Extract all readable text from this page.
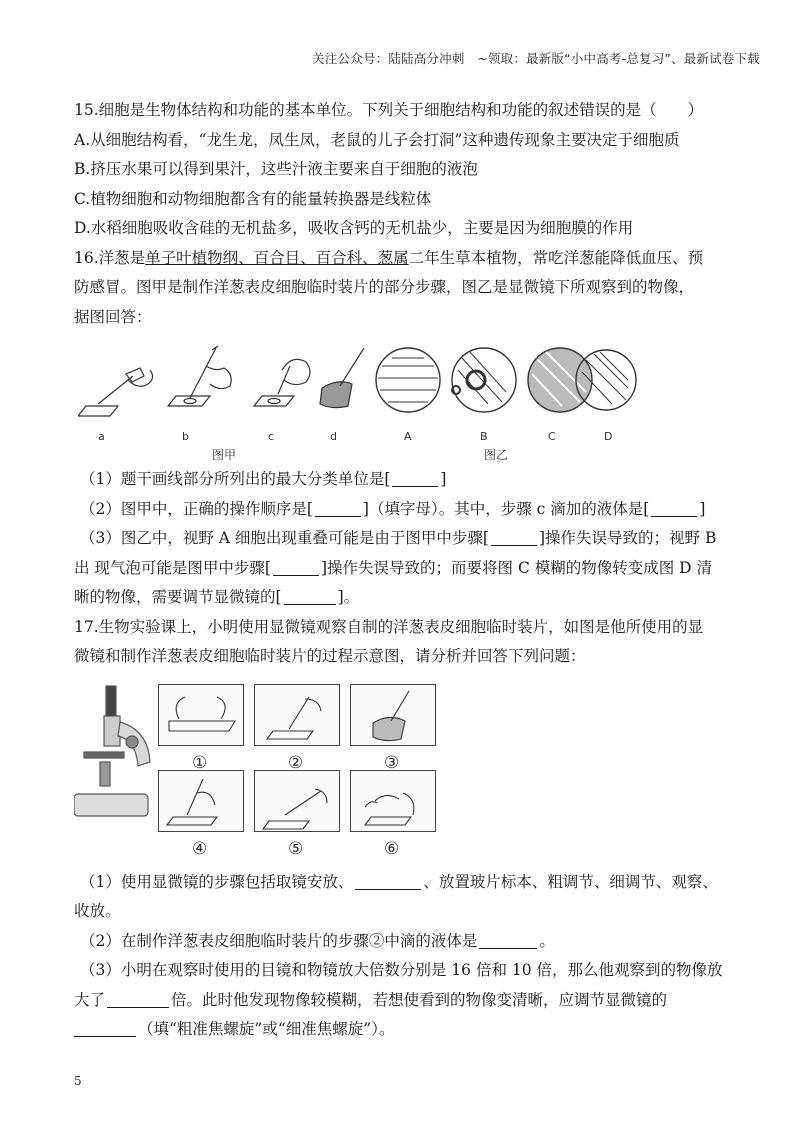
关注公众号：陆陆高分冲刺　~领取：最新版“小中高考-总复习”、最新试卷下载
15.细胞是生物体结构和功能的基本单位。下列关于细胞结构和功能的叙述错误的是（　　）
A.从细胞结构看，“龙生龙，凤生凤，老鼠的儿子会打洞”这种遗传现象主要决定于细胞质
B.挤压水果可以得到果汁，这些汁液主要来自于细胞的液泡
C.植物细胞和动物细胞都含有的能量转换器是线粒体
D.水稻细胞吸收含硅的无机盐多，吸收含钙的无机盐少，主要是因为细胞膜的作用
16.洋葱是单子叶植物纲、百合目、百合科、葱属二年生草本植物，常吃洋葱能降低血压、预
防感冒。图甲是制作洋葱表皮细胞临时装片的部分步骤，图乙是显微镜下所观察到的物像，
据图回答：
a	b	c	d	A	B	C	D
图甲	图乙
（1）题干画线部分所列出的最大分类单位是[	]
（2）图甲中，正确的操作顺序是[	]（填字母）。其中，步骤 c 滴加的液体是[	]
（3）图乙中，视野 A 细胞出现重叠可能是由于图甲中步骤[	]操作失误导致的；视野 B
出 现气泡可能是图甲中步骤[	]操作失误导致的；而要将图 C 模糊的物像转变成图 D 清
晰的物像，需要调节显微镜的[	]。
17.生物实验课上，小明使用显微镜观察自制的洋葱表皮细胞临时装片，如图是他所使用的显
微镜和制作洋葱表皮细胞临时装片的过程示意图，请分析并回答下列问题：
①	②	③
④	⑤	⑥
（1）使用显微镜的步骤包括取镜安放、	、放置玻片标本、粗调节、细调节、观察、
收放。
（2）在制作洋葱表皮细胞临时装片的步骤②中滴的液体是	。
（3）小明在观察时使用的目镜和物镜放大倍数分别是 16 倍和 10 倍，那么他观察到的物像放
大了	倍。此时他发现物像较模糊，若想使看到的物像变清晰，应调节显微镜的
（填“粗准焦螺旋”或“细准焦螺旋”）。
5
